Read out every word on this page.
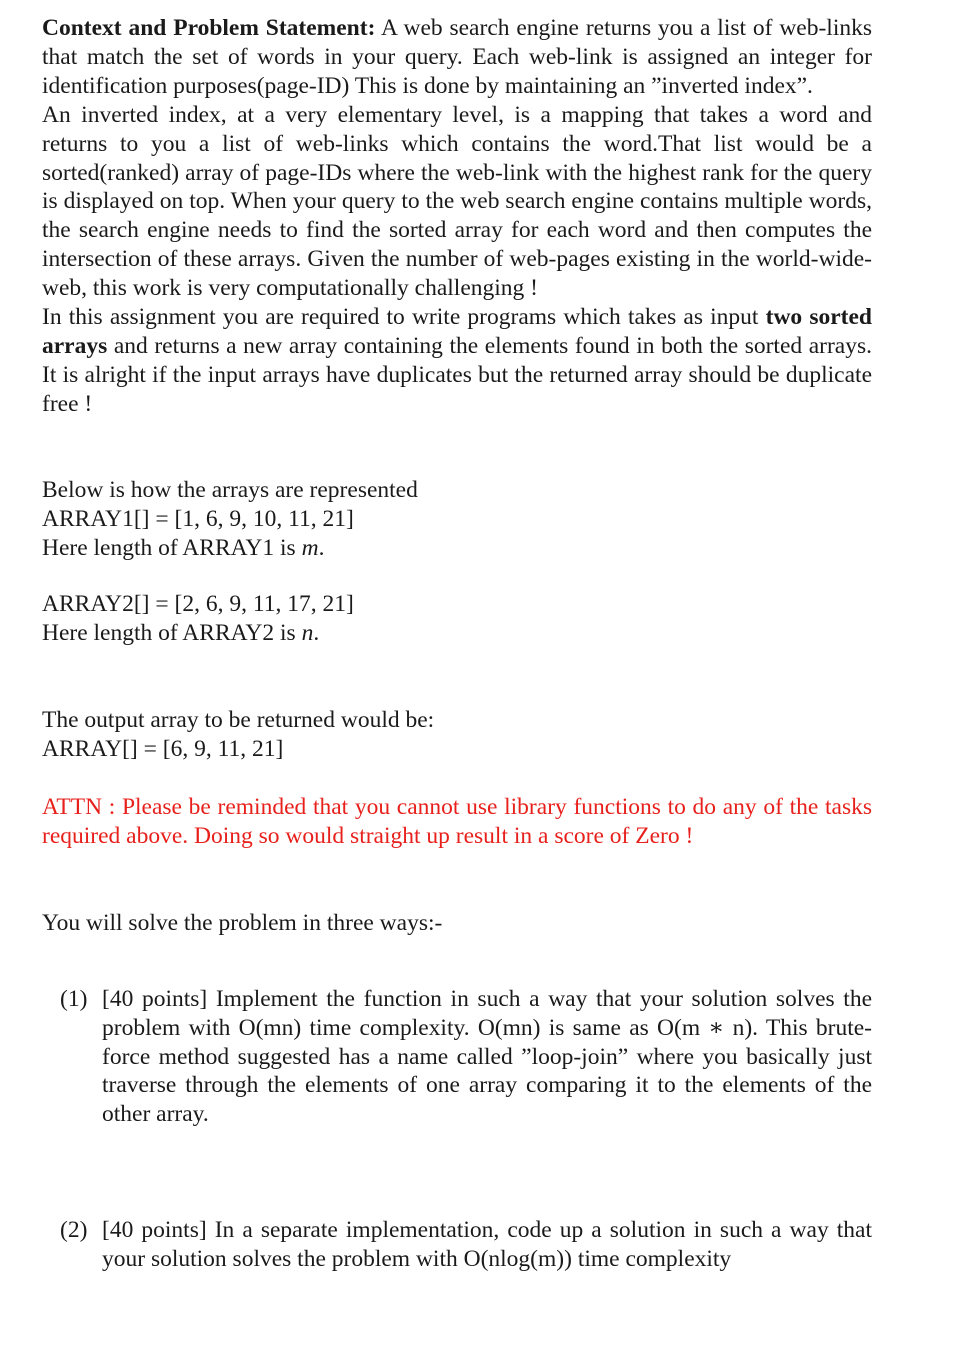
Context and Problem Statement: A web search engine returns you a list of web-links that match the set of words in your query. Each web-link is assigned an integer for identification purposes(page-ID) This is done by maintaining an ”inverted index”.

An inverted index, at a very elementary level, is a mapping that takes a word and returns to you a list of web-links which contains the word.That list would be a sorted(ranked) array of page-IDs where the web-link with the highest rank for the query is displayed on top. When your query to the web search engine contains multiple words, the search engine needs to find the sorted array for each word and then computes the intersection of these arrays. Given the number of web-pages existing in the world-wide-web, this work is very computationally challenging !

In this assignment you are required to write programs which takes as input two sorted arrays and returns a new array containing the elements found in both the sorted arrays. It is alright if the input arrays have duplicates but the returned array should be duplicate free !

Below is how the arrays are represented

ARRAY1[] = [1, 6, 9, 10, 11, 21]

Here length of ARRAY1 is m.

ARRAY2[] = [2, 6, 9, 11, 17, 21]

Here length of ARRAY2 is n.

The output array to be returned would be:

ARRAY[] = [6, 9, 11, 21]

ATTN : Please be reminded that you cannot use library functions to do any of the tasks required above. Doing so would straight up result in a score of Zero !

You will solve the problem in three ways:-

(1) [40 points] Implement the function in such a way that your solution solves the problem with O(mn) time complexity. O(mn) is same as O(m ∗ n). This brute-force method suggested has a name called ”loop-join” where you basically just traverse through the elements of one array comparing it to the elements of the other array.
(2) [40 points] In a separate implementation, code up a solution in such a way that your solution solves the problem with O(nlog(m)) time complexity
